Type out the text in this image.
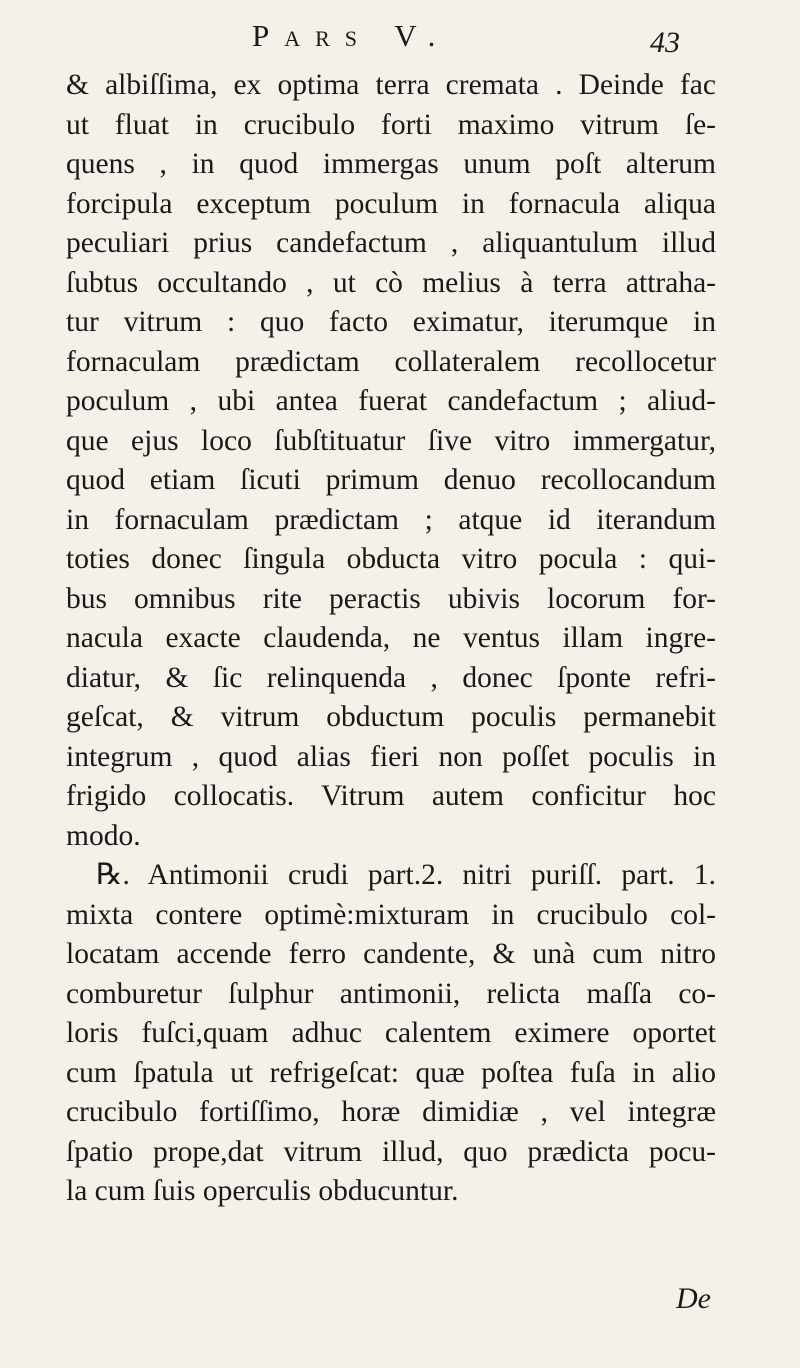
Pars V.	43
& albiſſima, ex optima terra cremata . Deinde fac
ut fluat in crucibulo forti maximo vitrum ſe-
quens , in quod immergas unum poſt alterum
forcipula exceptum poculum in fornacula aliqua
peculiari prius candefactum , aliquantulum illud
ſubtus occultando , ut cò melius à terra attraha-
tur vitrum : quo facto eximatur, iterumque in
fornaculam prædictam collateralem recollocetur
poculum , ubi antea fuerat candefactum ; aliud-
que ejus loco ſubſtituatur ſive vitro immergatur,
quod etiam ſicuti primum denuo recollocandum
in fornaculam prædictam ; atque id iterandum
toties donec ſingula obducta vitro pocula : qui-
bus omnibus rite peractis ubivis locorum for-
nacula exacte claudenda, ne ventus illam ingre-
diatur, & ſic relinquenda , donec ſponte refri-
geſcat, & vitrum obductum poculis permanebit
integrum , quod alias fieri non poſſet poculis in
frigido collocatis. Vitrum autem conficitur hoc
modo.
℞. Antimonii crudi part.2. nitri puriſſ. part. 1.
mixta contere optimè:mixturam in crucibulo col-
locatam accende ferro candente, & unà cum nitro
comburetur ſulphur antimonii, relicta maſſa co-
loris fuſci,quam adhuc calentem eximere oportet
cum ſpatula ut refrigeſcat: quæ poſtea fuſa in alio
crucibulo fortiſſimo, horæ dimidiæ , vel integræ
ſpatio prope,dat vitrum illud, quo prædicta pocu-
la cum ſuis operculis obducuntur.
De
